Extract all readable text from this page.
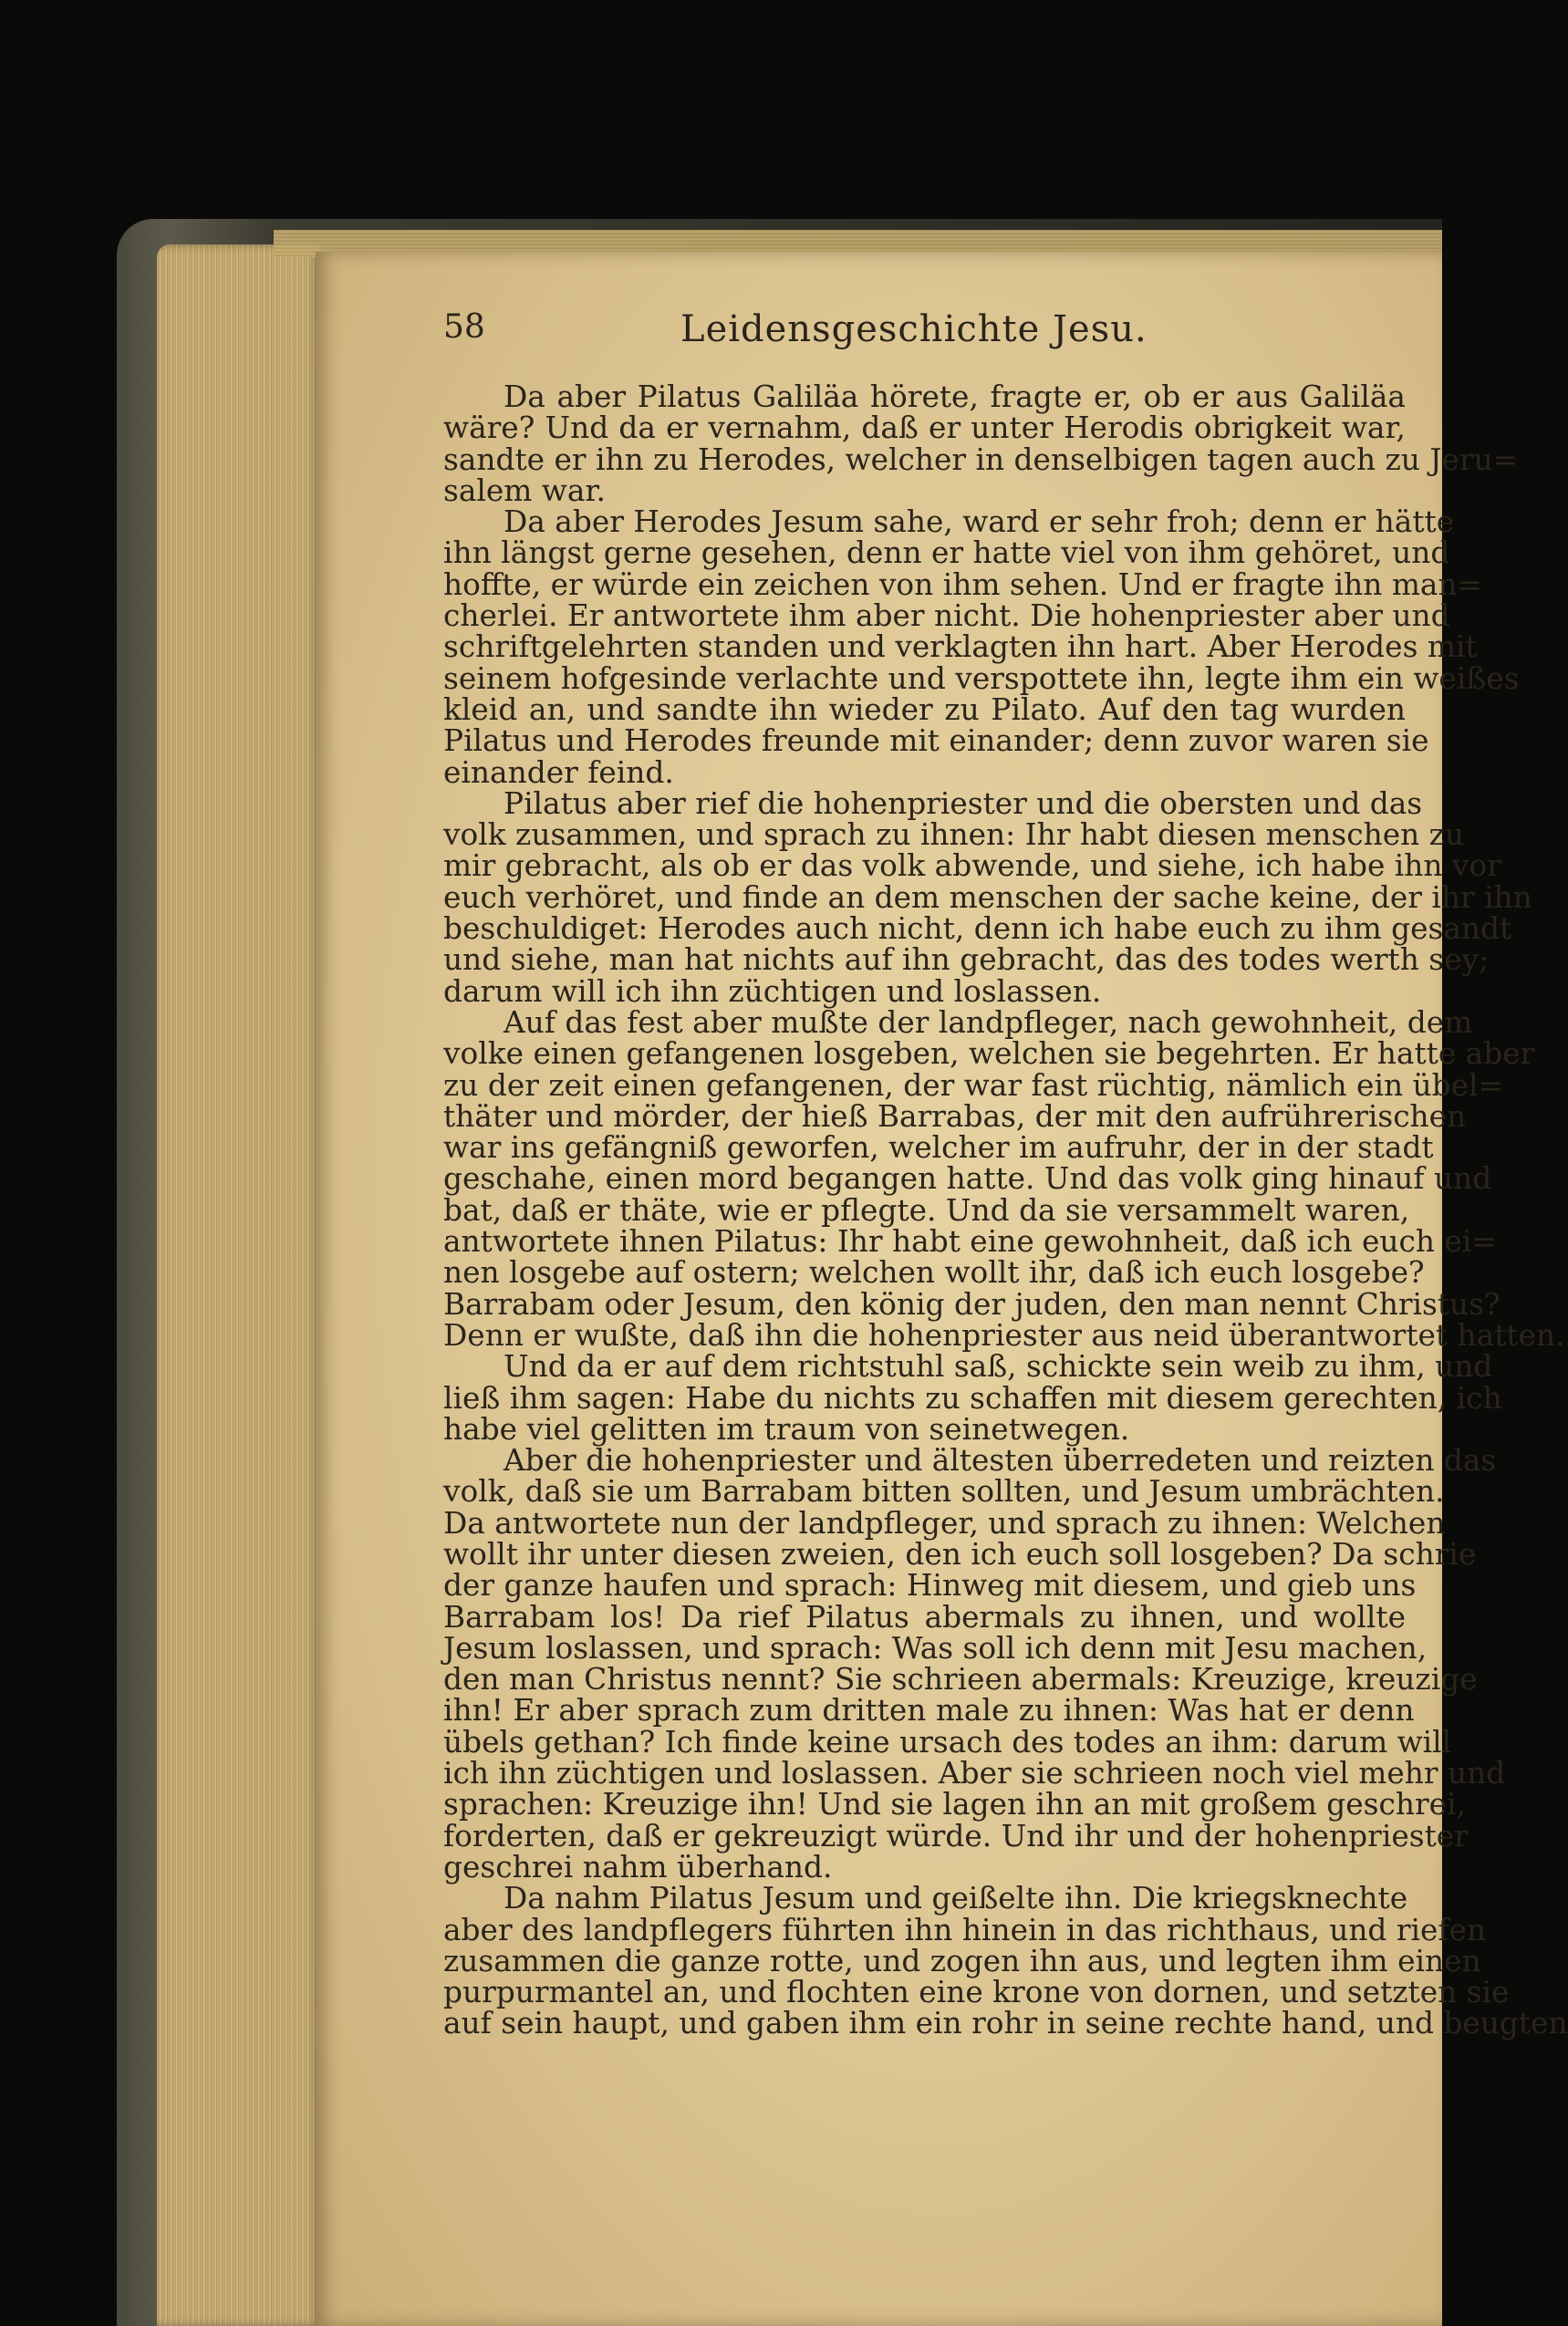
58	Leidensgeschichte Jesu.
Da aber Pilatus Galiläa hörete, fragte er, ob er aus Galiläa
wäre? Und da er vernahm, daß er unter Herodis obrigkeit war,
sandte er ihn zu Herodes, welcher in denselbigen tagen auch zu Jeru=
salem war.
Da aber Herodes Jesum sahe, ward er sehr froh; denn er hätte
ihn längst gerne gesehen, denn er hatte viel von ihm gehöret, und
hoffte, er würde ein zeichen von ihm sehen. Und er fragte ihn man=
cherlei. Er antwortete ihm aber nicht. Die hohenpriester aber und
schriftgelehrten standen und verklagten ihn hart. Aber Herodes mit
seinem hofgesinde verlachte und verspottete ihn, legte ihm ein weißes
kleid an, und sandte ihn wieder zu Pilato. Auf den tag wurden
Pilatus und Herodes freunde mit einander; denn zuvor waren sie
einander feind.
Pilatus aber rief die hohenpriester und die obersten und das
volk zusammen, und sprach zu ihnen: Ihr habt diesen menschen zu
mir gebracht, als ob er das volk abwende, und siehe, ich habe ihn vor
euch verhöret, und finde an dem menschen der sache keine, der ihr ihn
beschuldiget: Herodes auch nicht, denn ich habe euch zu ihm gesandt
und siehe, man hat nichts auf ihn gebracht, das des todes werth sey;
darum will ich ihn züchtigen und loslassen.
Auf das fest aber mußte der landpfleger, nach gewohnheit, dem
volke einen gefangenen losgeben, welchen sie begehrten. Er hatte aber
zu der zeit einen gefangenen, der war fast rüchtig, nämlich ein übel=
thäter und mörder, der hieß Barrabas, der mit den aufrührerischen
war ins gefängniß geworfen, welcher im aufruhr, der in der stadt
geschahe, einen mord begangen hatte. Und das volk ging hinauf und
bat, daß er thäte, wie er pflegte. Und da sie versammelt waren,
antwortete ihnen Pilatus: Ihr habt eine gewohnheit, daß ich euch ei=
nen losgebe auf ostern; welchen wollt ihr, daß ich euch losgebe?
Barrabam oder Jesum, den könig der juden, den man nennt Christus?
Denn er wußte, daß ihn die hohenpriester aus neid überantwortet hatten.
Und da er auf dem richtstuhl saß, schickte sein weib zu ihm, und
ließ ihm sagen: Habe du nichts zu schaffen mit diesem gerechten, ich
habe viel gelitten im traum von seinetwegen.
Aber die hohenpriester und ältesten überredeten und reizten das
volk, daß sie um Barrabam bitten sollten, und Jesum umbrächten.
Da antwortete nun der landpfleger, und sprach zu ihnen: Welchen
wollt ihr unter diesen zweien, den ich euch soll losgeben? Da schrie
der ganze haufen und sprach: Hinweg mit diesem, und gieb uns
Barrabam los! Da rief Pilatus abermals zu ihnen, und wollte
Jesum loslassen, und sprach: Was soll ich denn mit Jesu machen,
den man Christus nennt? Sie schrieen abermals: Kreuzige, kreuzige
ihn! Er aber sprach zum dritten male zu ihnen: Was hat er denn
übels gethan? Ich finde keine ursach des todes an ihm: darum will
ich ihn züchtigen und loslassen. Aber sie schrieen noch viel mehr und
sprachen: Kreuzige ihn! Und sie lagen ihn an mit großem geschrei,
forderten, daß er gekreuzigt würde. Und ihr und der hohenpriester
geschrei nahm überhand.
Da nahm Pilatus Jesum und geißelte ihn. Die kriegsknechte
aber des landpflegers führten ihn hinein in das richthaus, und riefen
zusammen die ganze rotte, und zogen ihn aus, und legten ihm einen
purpurmantel an, und flochten eine krone von dornen, und setzten sie
auf sein haupt, und gaben ihm ein rohr in seine rechte hand, und beugten
